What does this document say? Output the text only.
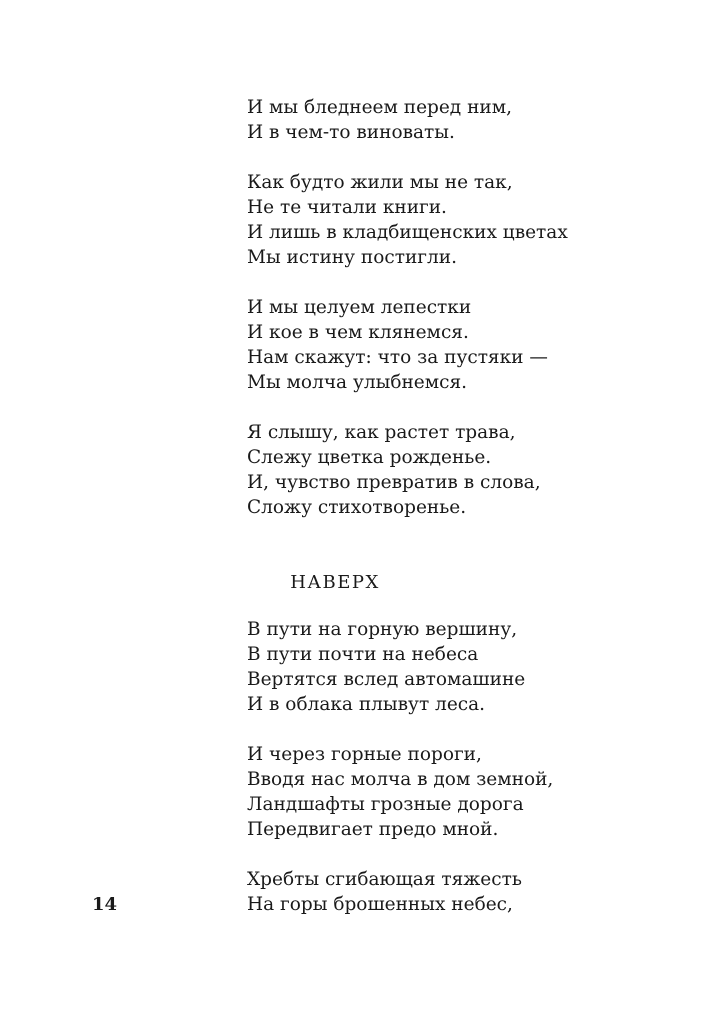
И мы бледнеем перед ним,
И в чем-то виноваты.
Как будто жили мы не так,
Не те читали книги.
И лишь в кладбищенских цветах
Мы истину постигли.
И мы целуем лепестки
И кое в чем клянемся.
Нам скажут: что за пустяки —
Мы молча улыбнемся.
Я слышу, как растет трава,
Слежу цветка рожденье.
И, чувство превратив в слова,
Сложу стихотворенье.
НАВЕРХ
В пути на горную вершину,
В пути почти на небеса
Вертятся вслед автомашине
И в облака плывут леса.
И через горные пороги,
Вводя нас молча в дом земной,
Ландшафты грозные дорога
Передвигает предо мной.
Хребты сгибающая тяжесть
На горы брошенных небес,
14
